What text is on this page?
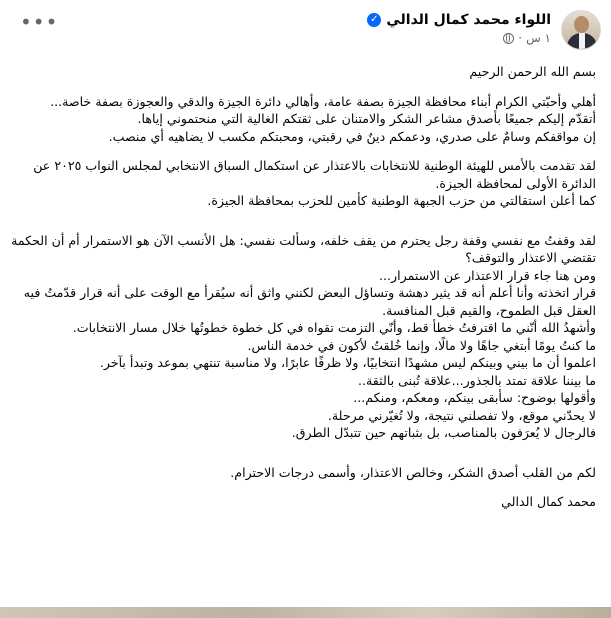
اللواء محمد كمال الدالي
✓
١ س
·
•••

بسم الله الرحمن الرحيم

أهلي وأحبّتي الكرام أبناء محافظة الجيزة بصفة عامة، وأهالي دائرة الجيزة والدقي والعجوزة بصفة خاصة...

أتقدّم إليكم جميعًا بأصدق مشاعر الشكر والامتنان على ثقتكم الغالية التي منحتموني إياها.

إن مواقفكم وسامٌ على صدري، ودعمكم دينٌ في رقبتي، ومحبتكم مكسب لا يضاهيه أي منصب.

لقد تقدمت بالأمس للهيئة الوطنية للانتخابات بالاعتذار عن استكمال السباق الانتخابي لمجلس النواب ٢٠٢٥ عن الدائرة الأولى لمحافظة الجيزة.

كما أعلن استقالتي من حزب الجبهة الوطنية كأمين للحزب بمحافظة الجيزة.

لقد وقفتُ مع نفسي وقفة رجل يحترم من يقف خلفه، وسألت نفسي: هل الأنسب الآن هو الاستمرار أم أن الحكمة تقتضي الاعتذار والتوقف؟

ومن هنا جاء قرار الاعتذار عن الاستمرار...

قرار اتخذته وأنا أعلم أنه قد يثير دهشة وتساؤل البعض لكنني واثق أنه سيُقرأ مع الوقت على أنه قرار قدّمتُ فيه العقل قبل الطموح، والقيم قبل المنافسة.

وأشهدُ الله أنّني ما اقترفتُ خطأ قط، وأنّي التزمت تقواه في كل خطوة خطوتُها خلال مسار الانتخابات.

ما كنتُ يومًا أبتغي جاهًا ولا مالًا، وإنما خُلقتُ لأكون في خدمة الناس.

اعلموا أن ما بيني وبينكم ليس مشهدًا انتخابيًا، ولا ظرفًا عابرًا، ولا مناسبة تنتهي بموعد وتبدأ بآخر.

ما بيننا علاقة تمتد بالجذور...علاقة تُبنى بالثقة..

وأقولها بوضوح: سأبقى بينكم، ومعكم، ومنكم...

لا يحدّني موقع، ولا تفصلني نتيجة، ولا تُغيّرني مرحلة.

فالرجال لا يُعرَفون بالمناصب، بل بثباتهم حين تتبدّل الطرق.

لكم من القلب أصدق الشكر، وخالص الاعتذار، وأسمى درجات الاحترام.

محمد كمال الدالي
